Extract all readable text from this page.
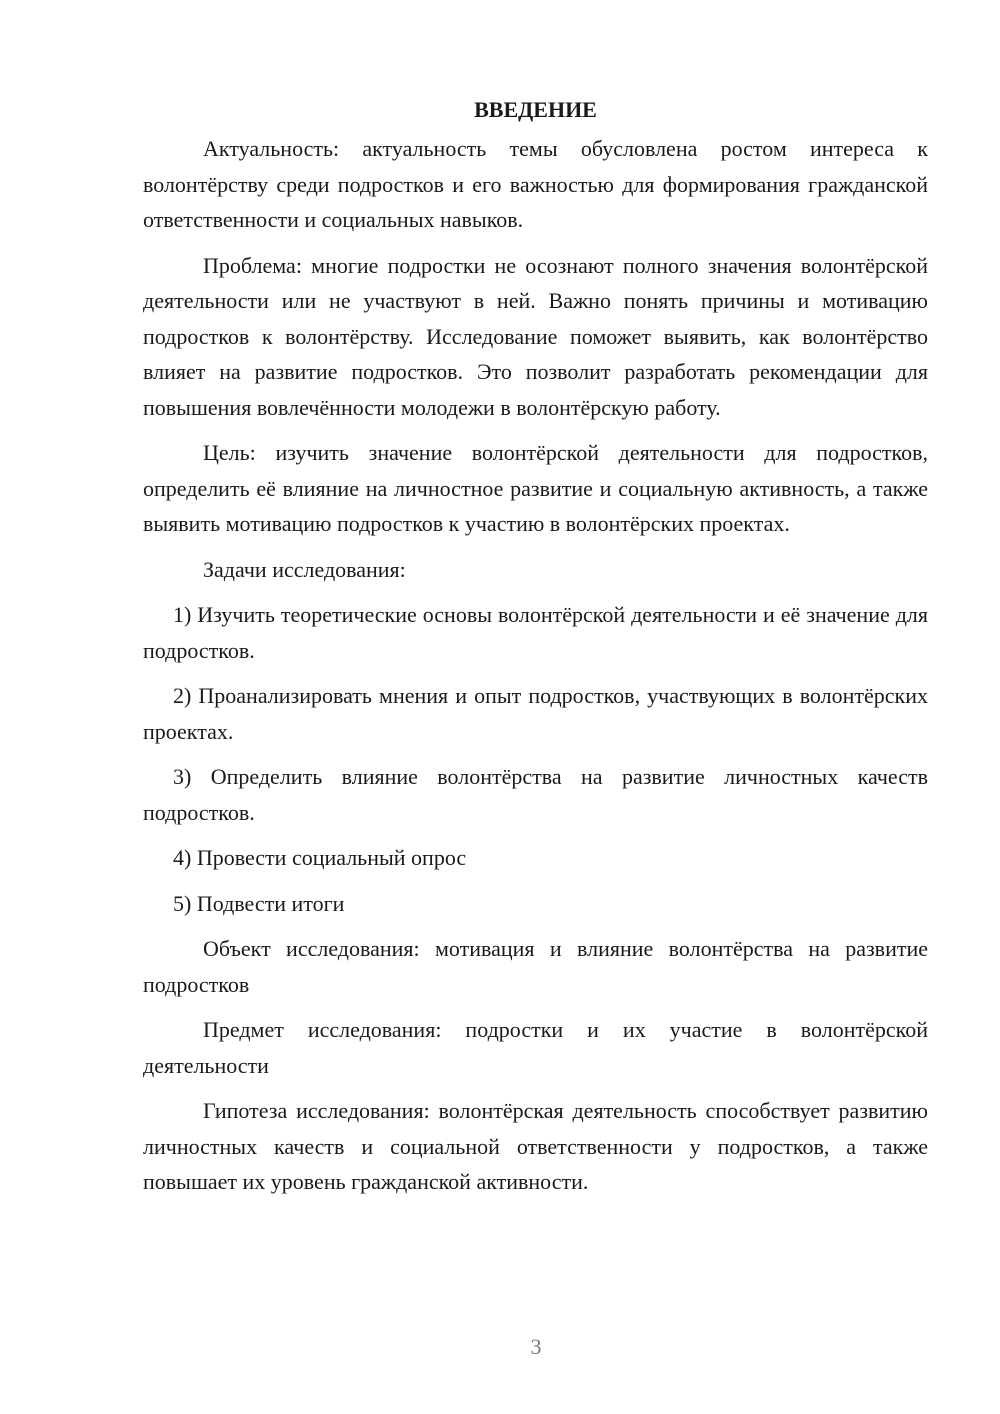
ВВЕДЕНИЕ

Актуальность: актуальность темы обусловлена ростом интереса к волонтёрству среди подростков и его важностью для формирования гражданской ответственности и социальных навыков.

Проблема: многие подростки не осознают полного значения волонтёрской деятельности или не участвуют в ней. Важно понять причины и мотивацию подростков к волонтёрству. Исследование поможет выявить, как волонтёрство влияет на развитие подростков. Это позволит разработать рекомендации для повышения вовлечённости молодежи в волонтёрскую работу.

Цель: изучить значение волонтёрской деятельности для подростков, определить её влияние на личностное развитие и социальную активность, а также выявить мотивацию подростков к участию в волонтёрских проектах.

Задачи исследования:

1) Изучить теоретические основы волонтёрской деятельности и её значение для подростков.

2) Проанализировать мнения и опыт подростков, участвующих в волонтёрских проектах.

3) Определить влияние волонтёрства на развитие личностных качеств подростков.

4) Провести социальный опрос

5) Подвести итоги

Объект исследования: мотивация и влияние волонтёрства на развитие подростков

Предмет исследования: подростки и их участие в волонтёрской деятельности

Гипотеза исследования: волонтёрская деятельность способствует развитию личностных качеств и социальной ответственности у подростков, а также повышает их уровень гражданской активности.

3
